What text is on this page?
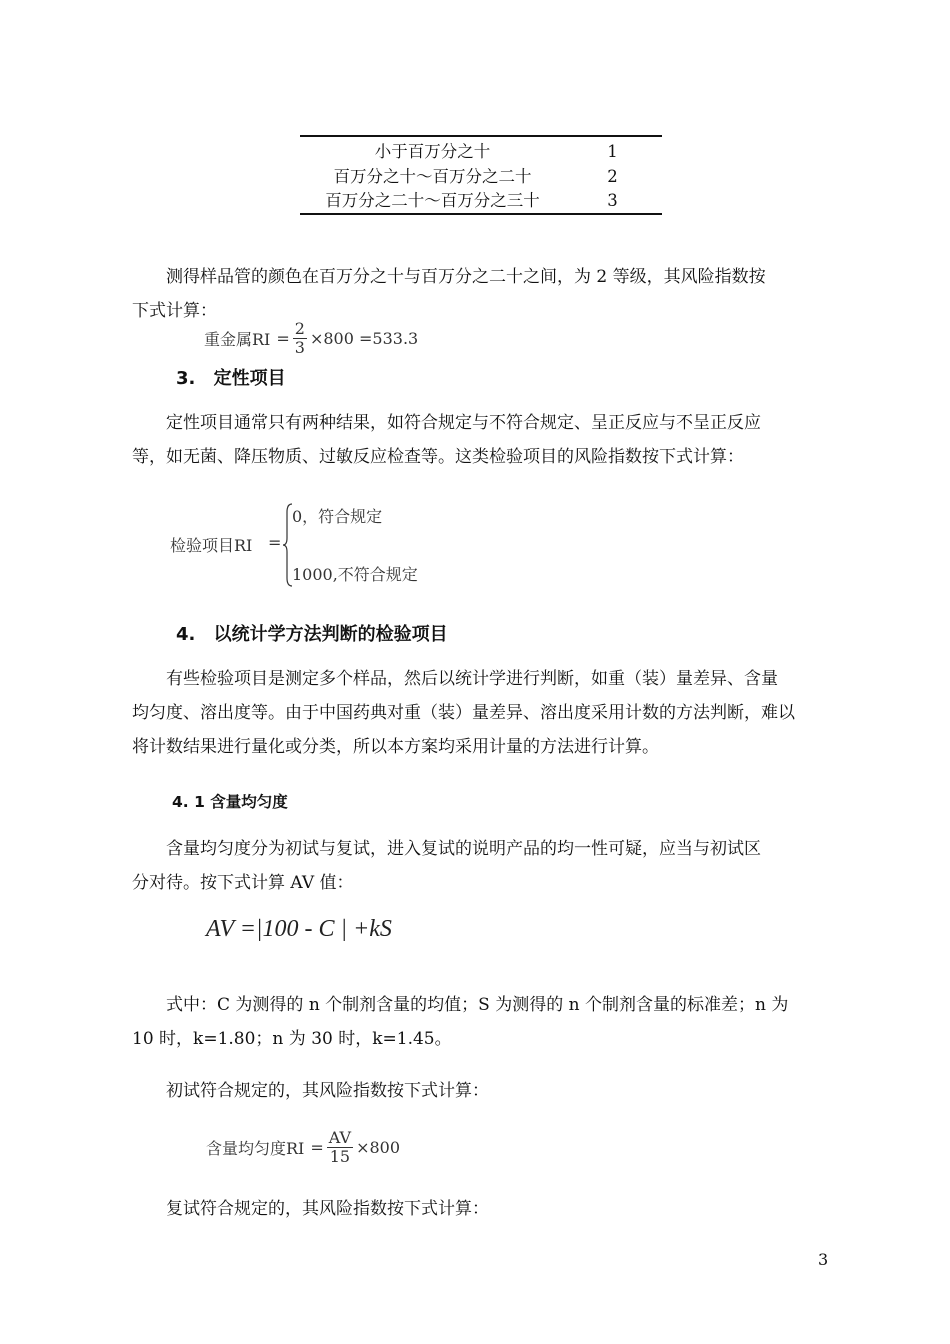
小于百万分之十	1
百万分之十～百万分之二十	2
百万分之二十～百万分之三十	3

测得样品管的颜色在百万分之十与百万分之二十之间，为 2 等级，其风险指数按

下式计算：

重金属RI = $\frac{2}{3} \times 800 =533.3$
3. 定性项目

定性项目通常只有两种结果，如符合规定与不符合规定、呈正反应与不呈正反应

等，如无菌、降压物质、过敏反应检查等。这类检验项目的风险指数按下式计算：

检验项目RI =
0，符合规定
1000,不符合规定
4. 以统计学方法判断的检验项目

有些检验项目是测定多个样品，然后以统计学进行判断，如重（装）量差异、含量

均匀度、溶出度等。由于中国药典对重（装）量差异、溶出度采用计数的方法判断，难以

将计数结果进行量化或分类，所以本方案均采用计量的方法进行计算。

4. 1 含量均匀度

含量均匀度分为初试与复试，进入复试的说明产品的均一性可疑，应当与初试区

分对待。按下式计算 AV 值：

AV =|100 - C | +kS

式中：C 为测得的 n 个制剂含量的均值；S 为测得的 n 个制剂含量的标准差；n 为

10 时，k=1.80；n 为 30 时，k=1.45。

初试符合规定的，其风险指数按下式计算：

含量均匀度RI = $\frac{AV}{15} \times 800$

复试符合规定的，其风险指数按下式计算：

3
